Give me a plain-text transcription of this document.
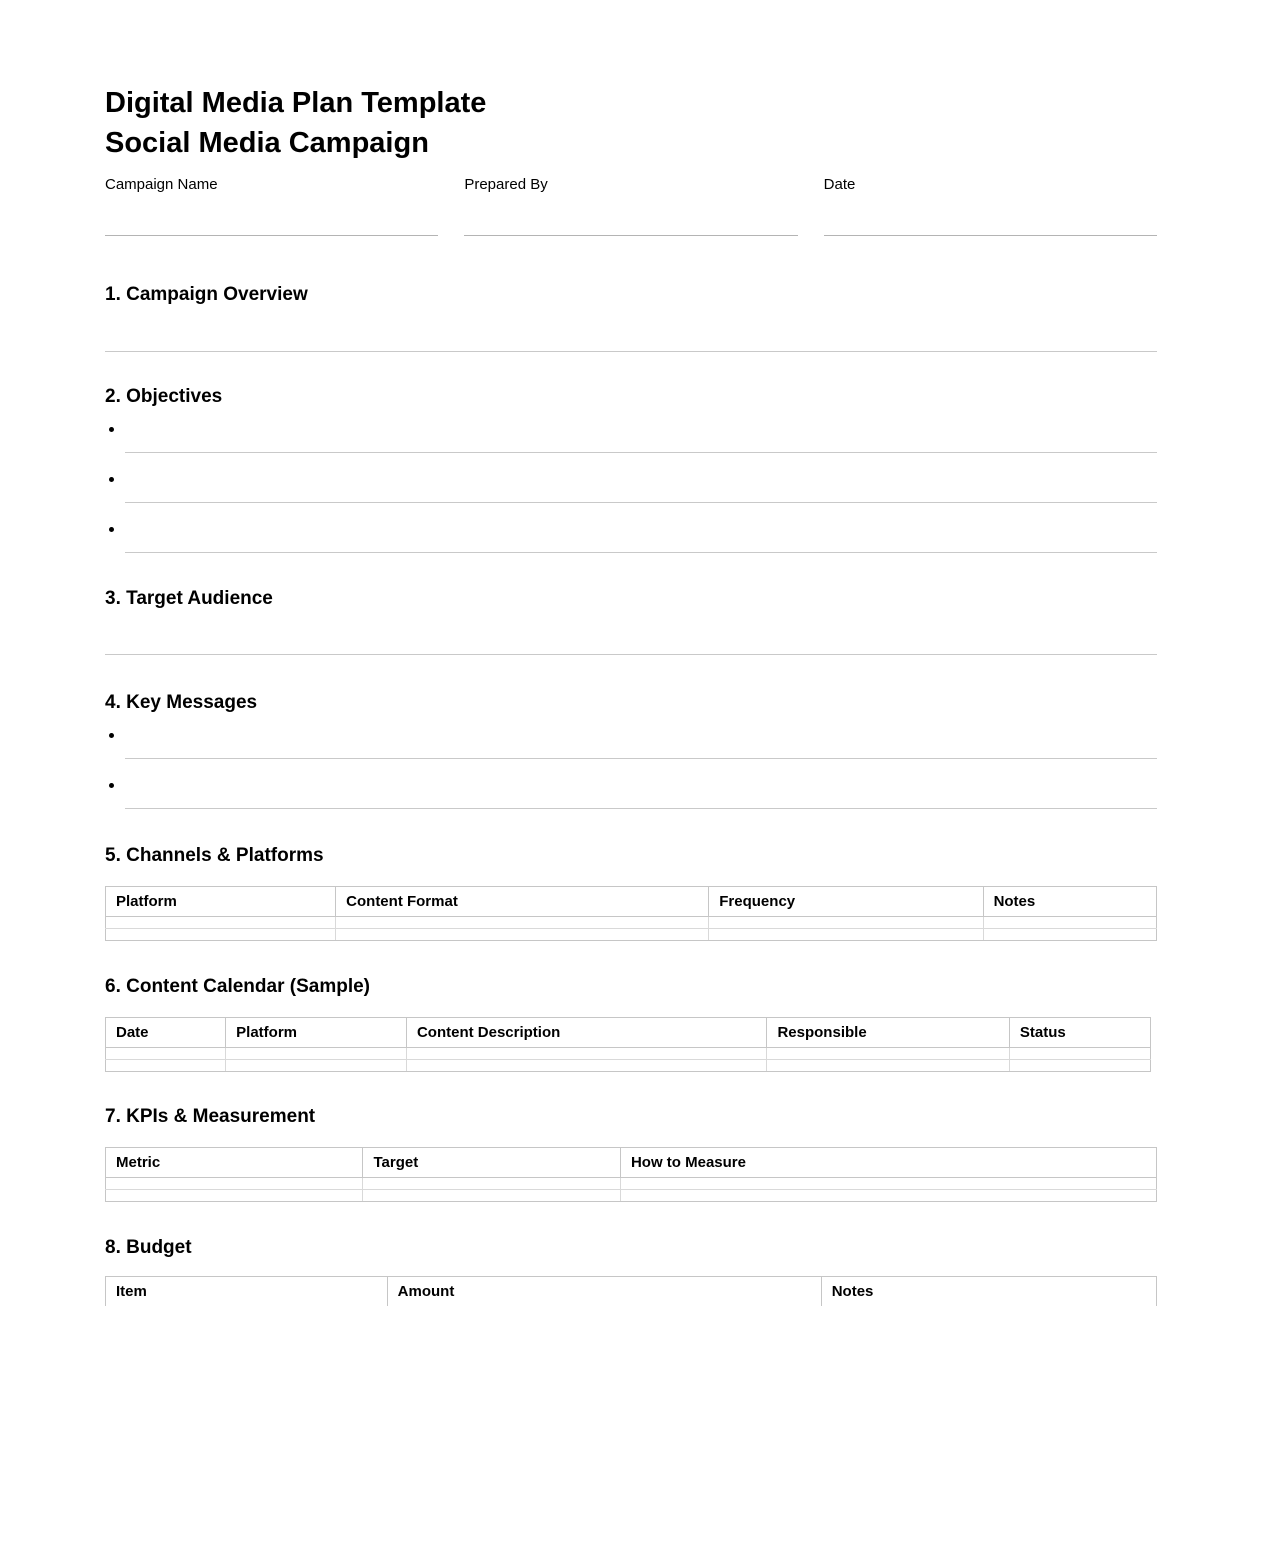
Digital Media Plan Template
Social Media Campaign
Campaign Name	Prepared By	Date
1. Campaign Overview
2. Objectives
3. Target Audience
4. Key Messages
5. Channels & Platforms
Platform	Content Format	Frequency	Notes

6. Content Calendar (Sample)
Date	Platform	Content Description	Responsible	Status

7. KPIs & Measurement
Metric	Target	How to Measure

8. Budget
Item	Amount	Notes
